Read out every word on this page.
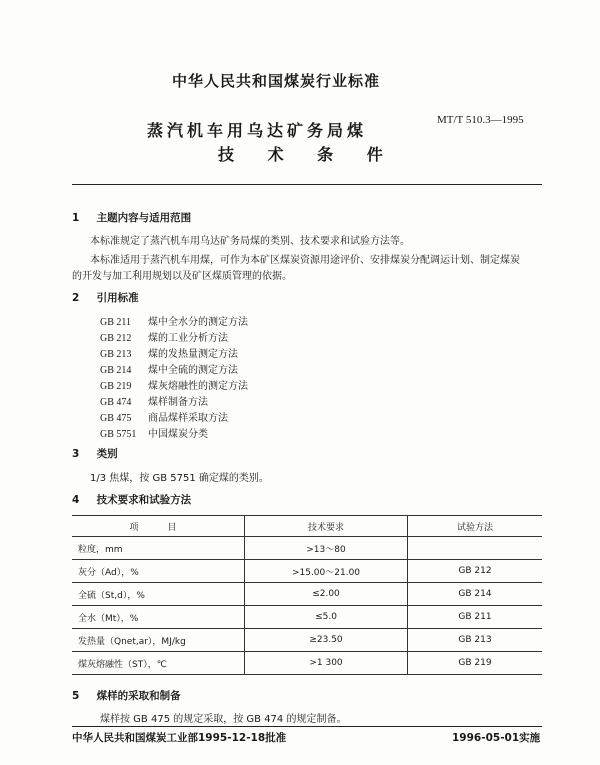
中华人民共和国煤炭行业标准
MT/T 510.3—1995
蒸汽机车用乌达矿务局煤
技 术 条 件
1 主题内容与适用范围
本标准规定了蒸汽机车用乌达矿务局煤的类别、技术要求和试验方法等。
本标准适用于蒸汽机车用煤，可作为本矿区煤炭资源用途评价、安排煤炭分配调运计划、制定煤炭
的开发与加工利用规划以及矿区煤质管理的依据。
2 引用标准
GB 211 煤中全水分的测定方法
GB 212 煤的工业分析方法
GB 213 煤的发热量测定方法
GB 214 煤中全硫的测定方法
GB 219 煤灰熔融性的测定方法
GB 474 煤样制备方法
GB 475 商品煤样采取方法
GB 5751 中国煤炭分类
3 类别
1/3 焦煤，按 GB 5751 确定煤的类别。
4 技术要求和试验方法
项　目	技术要求	试验方法
粒度，mm	>13～80	
灰分（Ad），%	>15.00～21.00	GB 212
全硫（St,d），%	≤2.00	GB 214
全水（Mt），%	≤5.0	GB 211
发热量（Qnet,ar），MJ/kg	≥23.50	GB 213
煤灰熔融性（ST），℃	>1 300	GB 219
5 煤样的采取和制备
煤样按 GB 475 的规定采取，按 GB 474 的规定制备。
中华人民共和国煤炭工业部1995-12-18批准	1996-05-01实施
